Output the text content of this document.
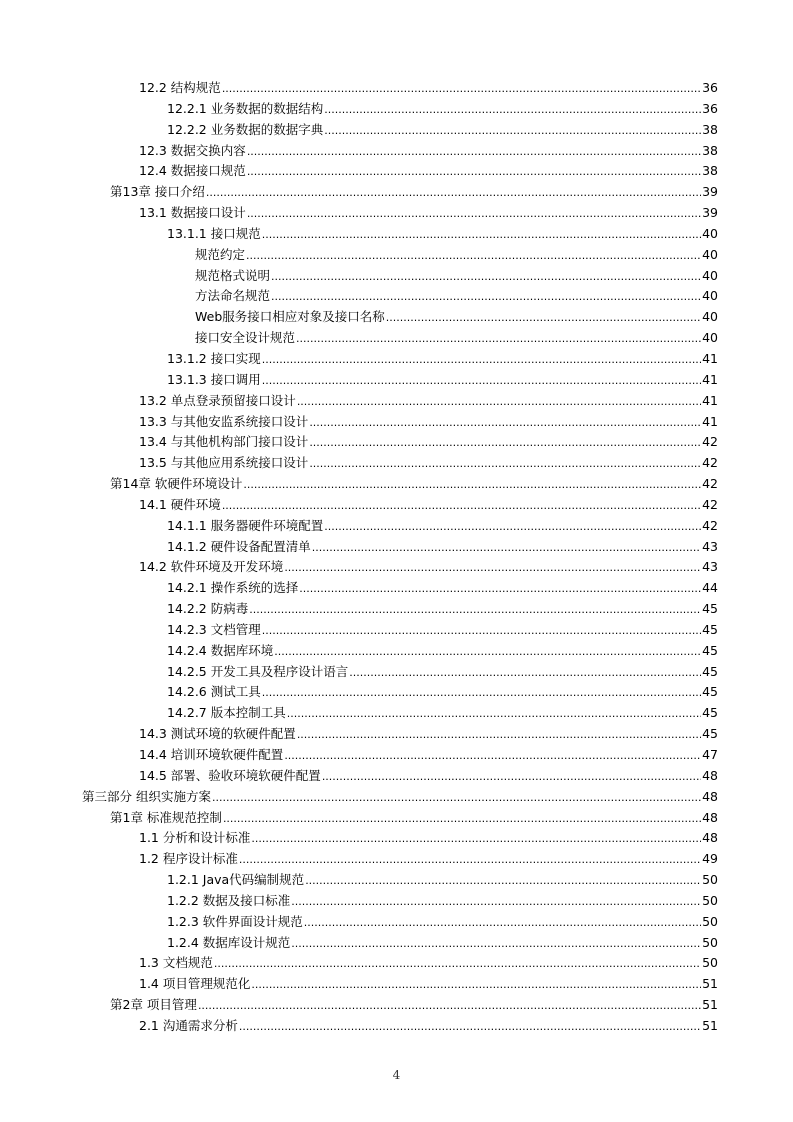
12.2 结构规范 .....	36
12.2.1 业务数据的数据结构 .....	36
12.2.2 业务数据的数据字典 .....	38
12.3 数据交换内容 .....	38
12.4 数据接口规范 .....	38
第13章 接口介绍 .....	39
13.1 数据接口设计 .....	39
13.1.1 接口规范 .....	40
规范约定 .....	40
规范格式说明 .....	40
方法命名规范 .....	40
Web服务接口相应对象及接口名称 .....	40
接口安全设计规范 .....	40
13.1.2 接口实现 .....	41
13.1.3 接口调用 .....	41
13.2 单点登录预留接口设计 .....	41
13.3 与其他安监系统接口设计 .....	41
13.4 与其他机构部门接口设计 .....	42
13.5 与其他应用系统接口设计 .....	42
第14章 软硬件环境设计 .....	42
14.1 硬件环境 .....	42
14.1.1 服务器硬件环境配置 .....	42
14.1.2 硬件设备配置清单 .....	43
14.2 软件环境及开发环境 .....	43
14.2.1 操作系统的选择 .....	44
14.2.2 防病毒 .....	45
14.2.3 文档管理 .....	45
14.2.4 数据库环境 .....	45
14.2.5 开发工具及程序设计语言 .....	45
14.2.6 测试工具 .....	45
14.2.7 版本控制工具 .....	45
14.3 测试环境的软硬件配置 .....	45
14.4 培训环境软硬件配置 .....	47
14.5 部署、验收环境软硬件配置 .....	48
第三部分 组织实施方案 .....	48
第1章 标准规范控制 .....	48
1.1 分析和设计标准 .....	48
1.2 程序设计标准 .....	49
1.2.1 Java代码编制规范 .....	50
1.2.2 数据及接口标准 .....	50
1.2.3 软件界面设计规范 .....	50
1.2.4 数据库设计规范 .....	50
1.3 文档规范 .....	50
1.4 项目管理规范化 .....	51
第2章 项目管理 .....	51
2.1 沟通需求分析 .....	51
4
